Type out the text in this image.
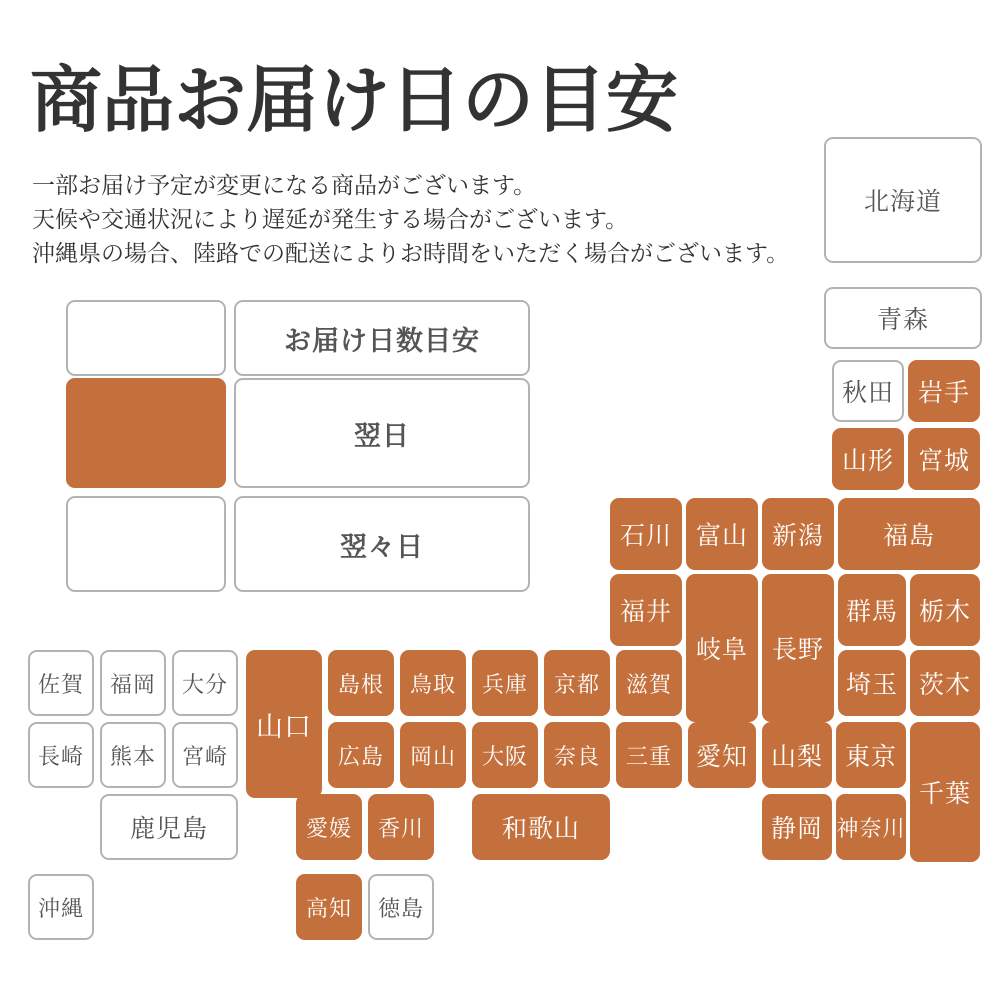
商品お届け日の目安
一部お届け予定が変更になる商品がございます。
天候や交通状況により遅延が発生する場合がございます。
沖縄県の場合、陸路での配送によりお時間をいただく場合がございます。
お届け日数目安
翌日
翌々日
北海道
青森
秋田 岩手
山形 宮城
石川 富山 新潟	福島
福井
岐阜 長野
群馬 栃木
佐賀	福岡	大分
山口
島根	鳥取	兵庫	京都	滋賀	埼玉 茨木
長崎	熊本	宮崎	広島	岡山	大阪	奈良	三重 愛知 山梨 東京
千葉
鹿児島	愛媛	香川	和歌山	静岡 神奈川
沖縄	高知	徳島
